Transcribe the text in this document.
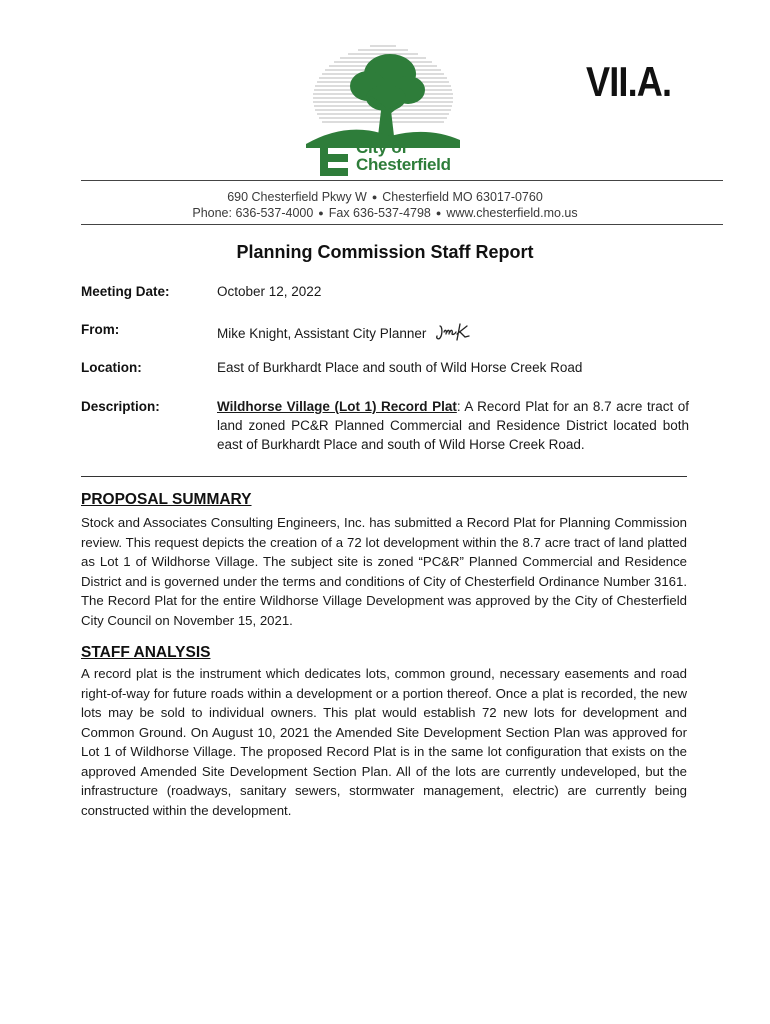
City of
Chesterfield
VII.A.
690 Chesterfield Pkwy W ● Chesterfield MO 63017-0760
Phone: 636-537-4000 ● Fax 636-537-4798 ● www.chesterfield.mo.us
Planning Commission Staff Report
Meeting Date:	October 12, 2022
From:	Mike Knight, Assistant City Planner
Location:	East of Burkhardt Place and south of Wild Horse Creek Road
Description:	Wildhorse Village (Lot 1) Record Plat: A Record Plat for an 8.7 acre tract of land zoned PC&R Planned Commercial and Residence District located both east of Burkhardt Place and south of Wild Horse Creek Road.
PROPOSAL SUMMARY
Stock and Associates Consulting Engineers, Inc. has submitted a Record Plat for Planning Commission review. This request depicts the creation of a 72 lot development within the 8.7 acre tract of land platted as Lot 1 of Wildhorse Village. The subject site is zoned “PC&R” Planned Commercial and Residence District and is governed under the terms and conditions of City of Chesterfield Ordinance Number 3161. The Record Plat for the entire Wildhorse Village Development was approved by the City of Chesterfield City Council on November 15, 2021.
STAFF ANALYSIS
A record plat is the instrument which dedicates lots, common ground, necessary easements and road right-of-way for future roads within a development or a portion thereof. Once a plat is recorded, the new lots may be sold to individual owners. This plat would establish 72 new lots for development and Common Ground. On August 10, 2021 the Amended Site Development Section Plan was approved for Lot 1 of Wildhorse Village. The proposed Record Plat is in the same lot configuration that exists on the approved Amended Site Development Section Plan. All of the lots are currently undeveloped, but the infrastructure (roadways, sanitary sewers, stormwater management, electric) are currently being constructed within the development.
